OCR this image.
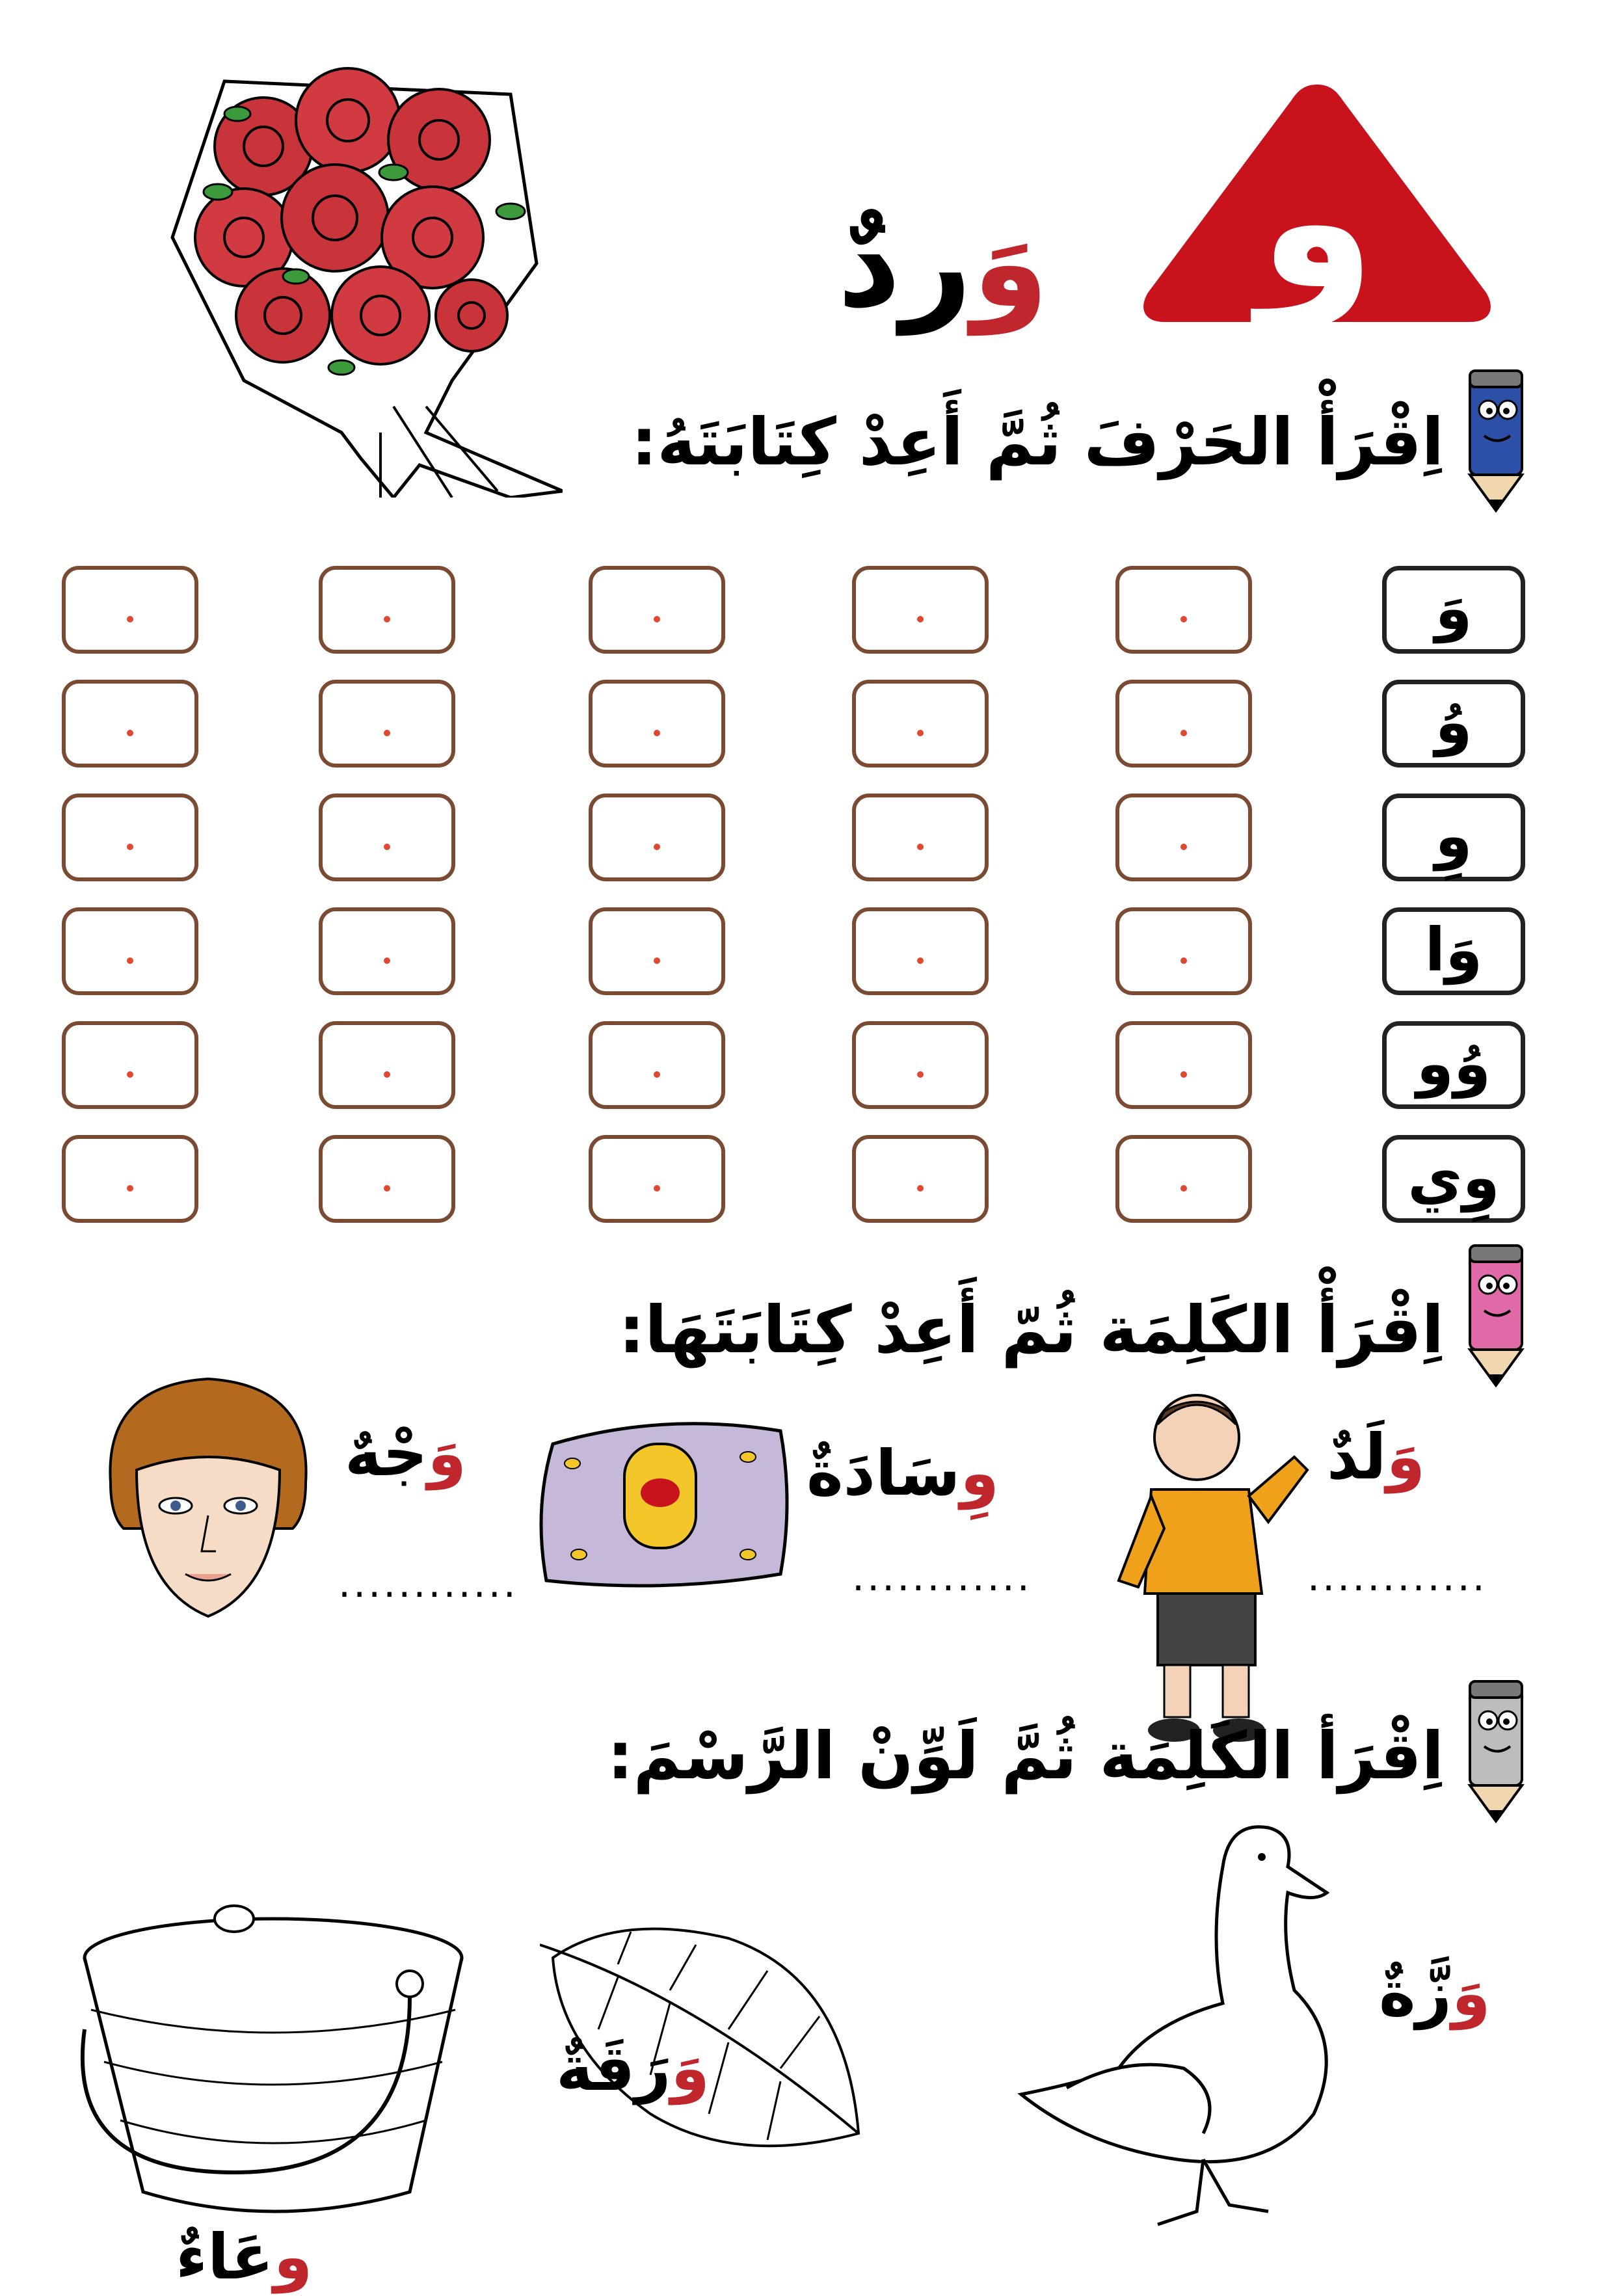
و
وَردٌ
اِقْرَأْ الحَرْفَ ثُمَّ أَعِدْ كِتَابَتَهُ:
وَ
وُ
وِ
وَا
وُو
وِي
اِقْرَأْ الكَلِمَة ثُمّ أَعِدْ كِتَابَتَهَا:
وَلَدٌ
............
وِسَادَةٌ
............
وَجْهٌ
............
اِقْرَأ الكَلِمَة ثُمَّ لَوِّنْ الرَّسْمَ:
وَزَّةٌ
وَرَقَةٌ
وِعَاءٌ
